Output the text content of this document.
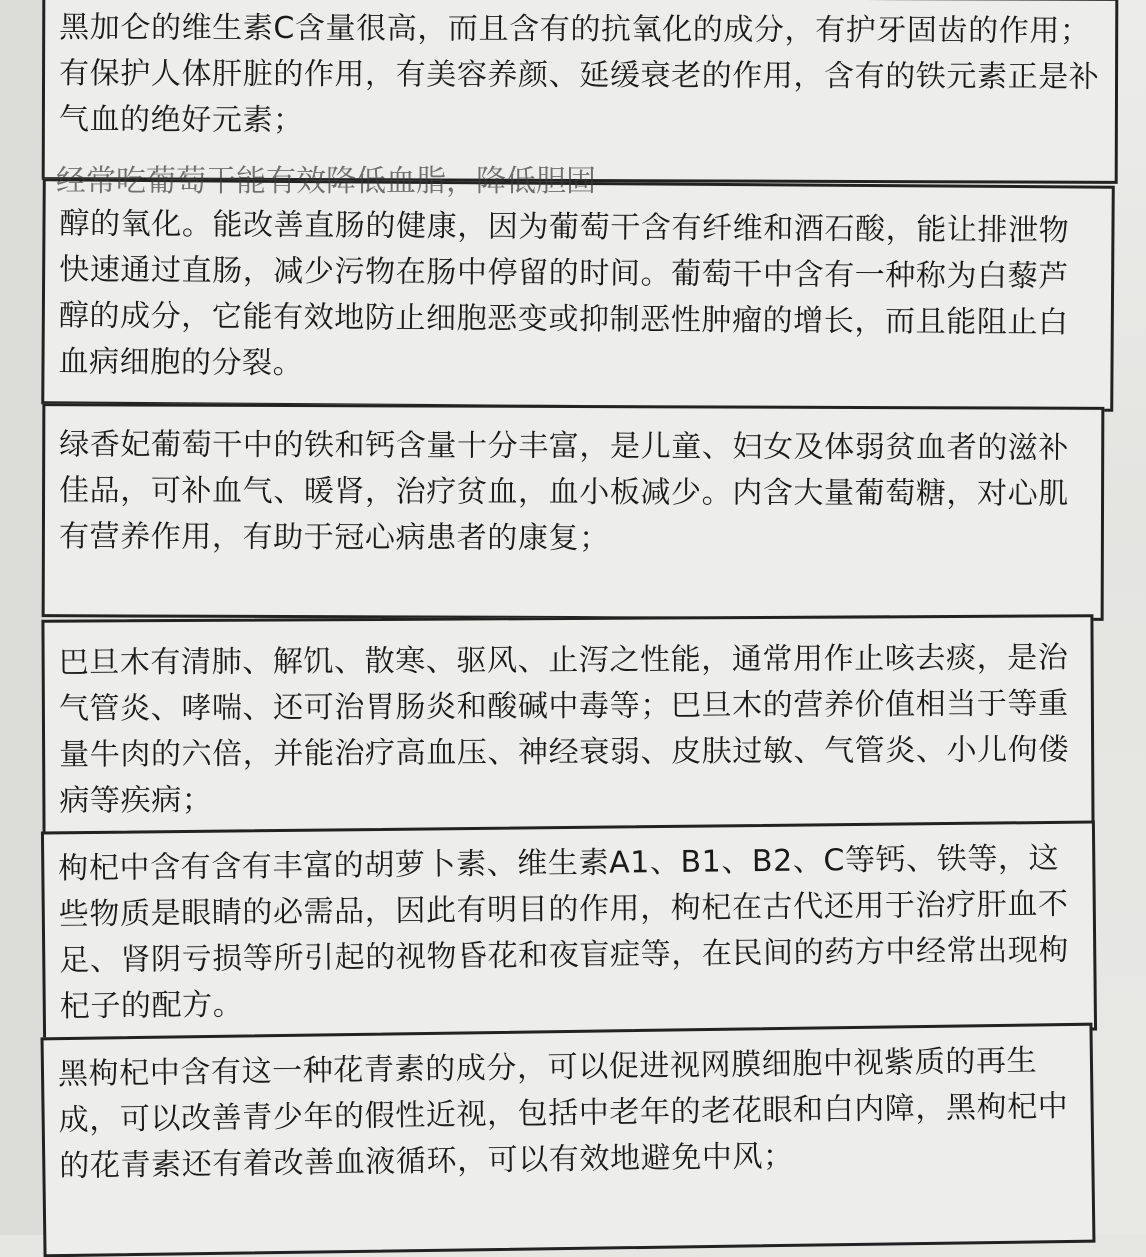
黑加仑的维生素C含量很高，而且含有的抗氧化的成分，有护牙固齿的作用；有保护人体肝脏的作用，有美容养颜、延缓衰老的作用，含有的铁元素正是补气血的绝好元素；

醇的氧化。能改善直肠的健康，因为葡萄干含有纤维和酒石酸，能让排泄物快速通过直肠，减少污物在肠中停留的时间。葡萄干中含有一种称为白藜芦醇的成分，它能有效地防止细胞恶变或抑制恶性肿瘤的增长，而且能阻止白血病细胞的分裂。

经常吃葡萄干能有效降低血脂，降低胆固

绿香妃葡萄干中的铁和钙含量十分丰富，是儿童、妇女及体弱贫血者的滋补佳品，可补血气、暖肾，治疗贫血，血小板减少。内含大量葡萄糖，对心肌有营养作用，有助于冠心病患者的康复；

巴旦木有清肺、解饥、散寒、驱风、止泻之性能，通常用作止咳去痰，是治气管炎、哮喘、还可治胃肠炎和酸碱中毒等；巴旦木的营养价值相当于等重量牛肉的六倍，并能治疗高血压、神经衰弱、皮肤过敏、气管炎、小儿佝偻病等疾病；

枸杞中含有含有丰富的胡萝卜素、维生素A1、B1、B2、C等钙、铁等，这些物质是眼睛的必需品，因此有明目的作用，枸杞在古代还用于治疗肝血不足、肾阴亏损等所引起的视物昏花和夜盲症等，在民间的药方中经常出现枸杞子的配方。

黑枸杞中含有这一种花青素的成分，可以促进视网膜细胞中视紫质的再生成，可以改善青少年的假性近视，包括中老年的老花眼和白内障，黑枸杞中的花青素还有着改善血液循环，可以有效地避免中风；
